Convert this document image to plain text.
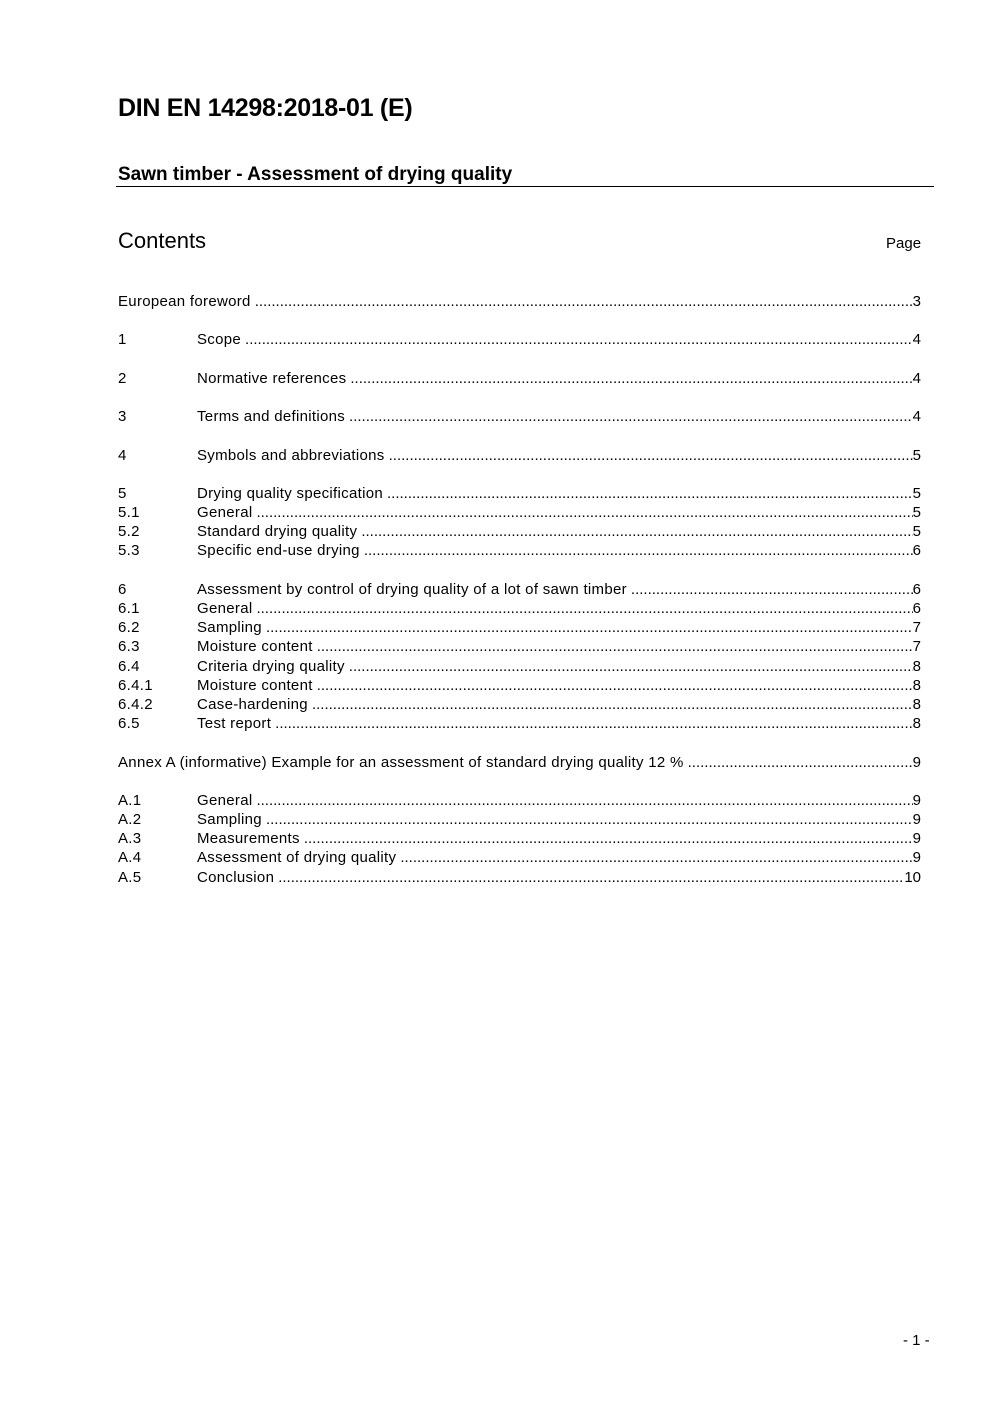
DIN EN 14298:2018-01 (E)
Sawn timber - Assessment of drying quality
Contents	Page
European foreword .....	3
1	Scope .....	4
2	Normative references .....	4
3	Terms and definitions .....	4
4	Symbols and abbreviations .....	5
5	Drying quality specification .....	5
5.1	General .....	5
5.2	Standard drying quality .....	5
5.3	Specific end-use drying .....	6
6	Assessment by control of drying quality of a lot of sawn timber .....	6
6.1	General .....	6
6.2	Sampling .....	7
6.3	Moisture content .....	7
6.4	Criteria drying quality .....	8
6.4.1	Moisture content .....	8
6.4.2	Case-hardening .....	8
6.5	Test report .....	8
Annex A (informative) Example for an assessment of standard drying quality 12 % .....	9
A.1	General .....	9
A.2	Sampling .....	9
A.3	Measurements .....	9
A.4	Assessment of drying quality .....	9
A.5	Conclusion .....	10
- 1 -
